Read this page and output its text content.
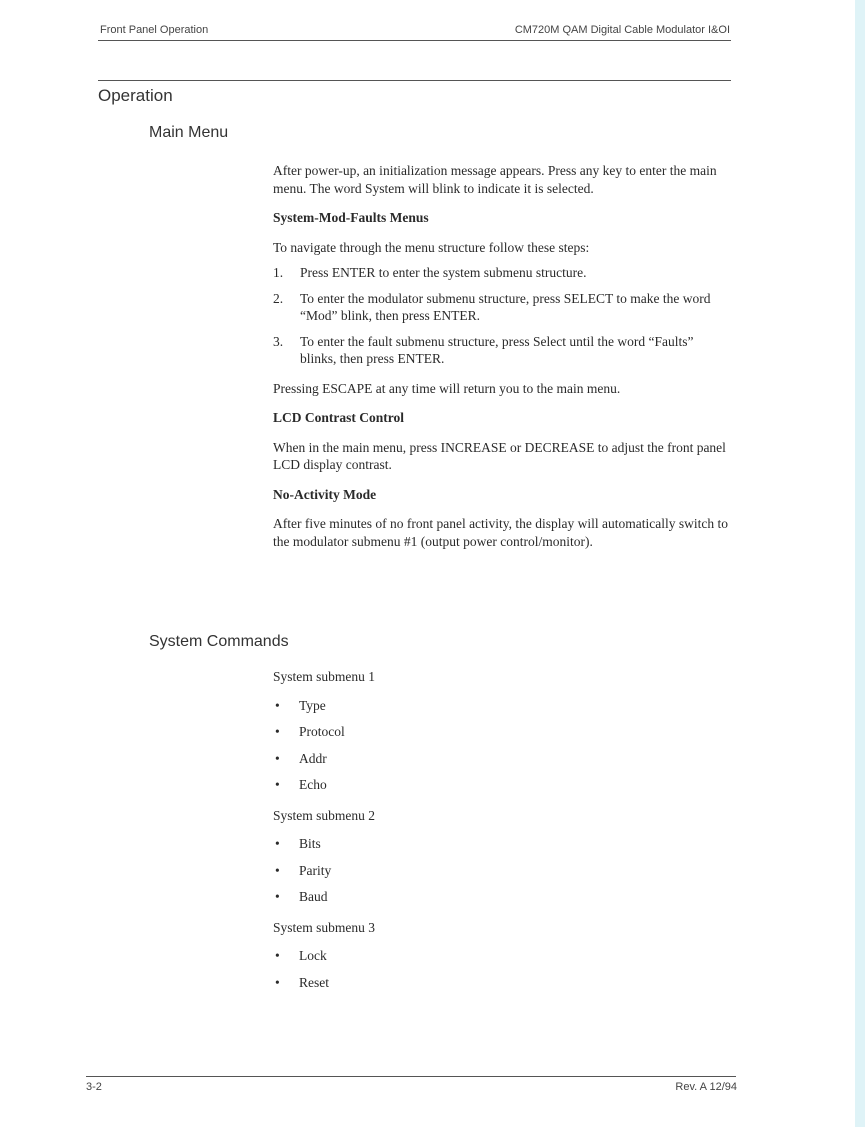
Front Panel Operation	CM720M QAM Digital Cable Modulator I&OI
Operation
Main Menu

After power-up, an initialization message appears. Press any key to enter the main menu. The word System will blink to indicate it is selected.

System-Mod-Faults Menus

To navigate through the menu structure follow these steps:

1. Press ENTER to enter the system submenu structure.
2. To enter the modulator submenu structure, press SELECT to make the word “Mod” blink, then press ENTER.
3. To enter the fault submenu structure, press Select until the word “Faults” blinks, then press ENTER.

Pressing ESCAPE at any time will return you to the main menu.

LCD Contrast Control

When in the main menu, press INCREASE or DECREASE to adjust the front panel LCD display contrast.

No-Activity Mode

After five minutes of no front panel activity, the display will automatically switch to the modulator submenu #1 (output power control/monitor).

System Commands
System submenu 1
• Type
• Protocol
• Addr
• Echo
System submenu 2
• Bits
• Parity
• Baud
System submenu 3
• Lock
• Reset
3-2	Rev. A 12/94
